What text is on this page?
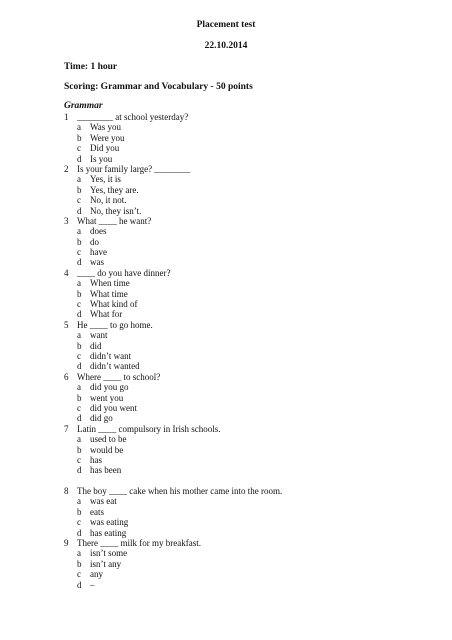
Placement test
22.10.2014
Time: 1 hour
Scoring: Grammar and Vocabulary - 50 points
Grammar
1 ________ at school yesterday?
a	Was you
b Were you
c	Did you
d Is you
2 Is your family large? ________
a	Yes, it is
b Yes, they are.
c	No, it not.
d No, they isn’t.
3 What ____ he want?
a	does
b do
c	have
d was
4 ____ do you have dinner?
a	When time
b What time
c	What kind of
d What for
5 He ____ to go home.
a	want
b did
c	didn’t want
d didn’t wanted
6 Where ____ to school?
a	did you go
b went you
c	did you went
d did go
7 Latin ____ compulsory in Irish schools.
a	used to be
b would be
c	has
d has been
8 The boy ____ cake when his mother came into the room.
a	was eat
b eats
c	was eating
d has eating
9 There ____ milk for my breakfast.
a	isn’t some
b isn’t any
c	any
d –
